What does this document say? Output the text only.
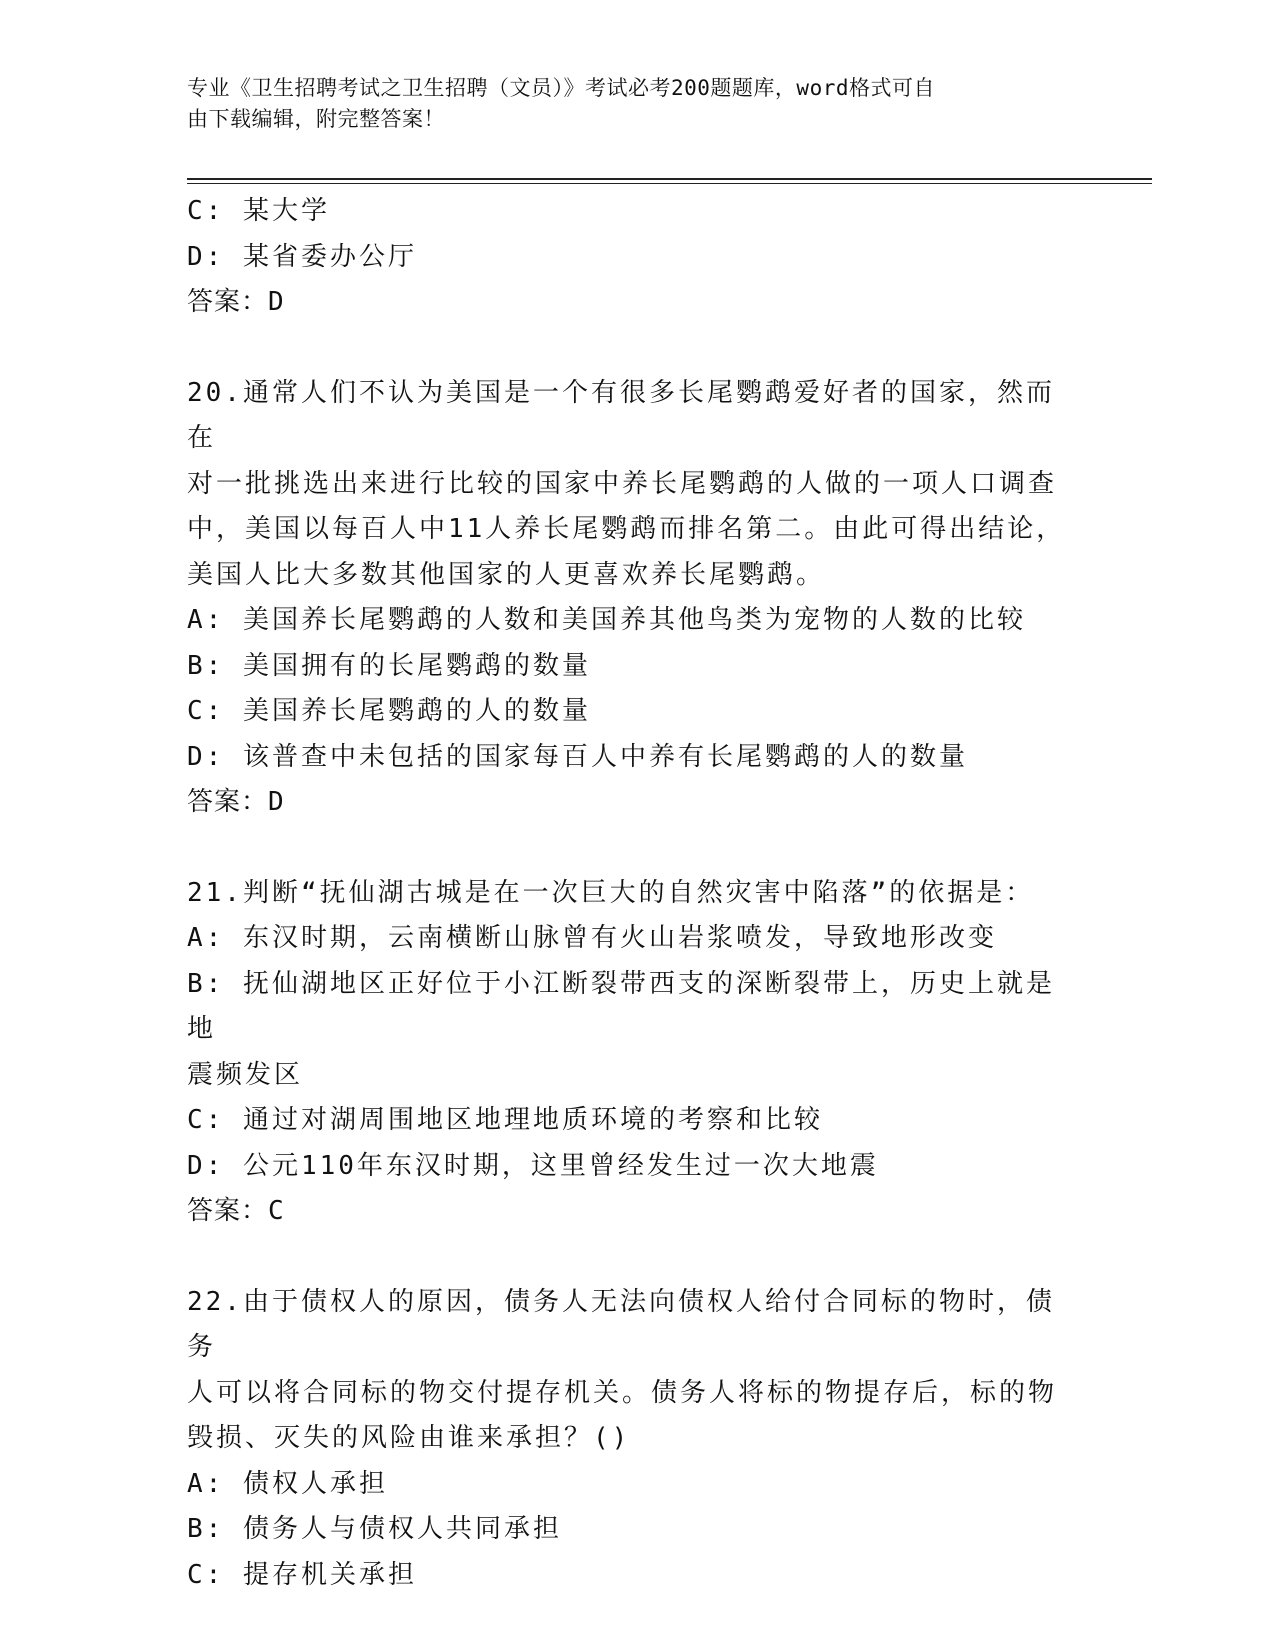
专业《卫生招聘考试之卫生招聘（文员）》考试必考200题题库，word格式可自
由下载编辑，附完整答案！

C: 某大学

D: 某省委办公厅

答案：D

20.通常人们不认为美国是一个有很多长尾鹦鹉爱好者的国家，然而在

对一批挑选出来进行比较的国家中养长尾鹦鹉的人做的一项人口调查

中，美国以每百人中11人养长尾鹦鹉而排名第二。由此可得出结论，

美国人比大多数其他国家的人更喜欢养长尾鹦鹉。

A: 美国养长尾鹦鹉的人数和美国养其他鸟类为宠物的人数的比较

B: 美国拥有的长尾鹦鹉的数量

C: 美国养长尾鹦鹉的人的数量

D: 该普查中未包括的国家每百人中养有长尾鹦鹉的人的数量

答案：D

21.判断“抚仙湖古城是在一次巨大的自然灾害中陷落”的依据是：

A: 东汉时期，云南横断山脉曾有火山岩浆喷发，导致地形改变

B: 抚仙湖地区正好位于小江断裂带西支的深断裂带上，历史上就是地

震频发区

C: 通过对湖周围地区地理地质环境的考察和比较

D: 公元110年东汉时期，这里曾经发生过一次大地震

答案：C

22.由于债权人的原因，债务人无法向债权人给付合同标的物时，债务

人可以将合同标的物交付提存机关。债务人将标的物提存后，标的物

毁损、灭失的风险由谁来承担？()

A: 债权人承担

B: 债务人与债权人共同承担

C: 提存机关承担
